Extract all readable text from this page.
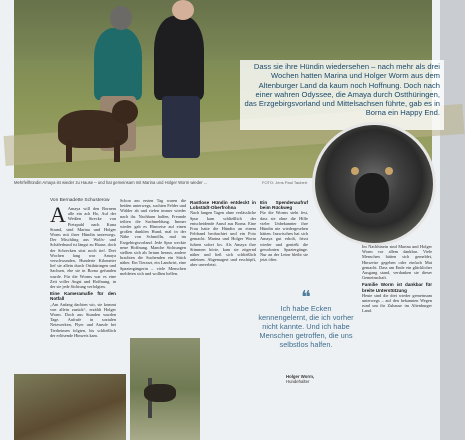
Dass sie ihre Hündin wiedersehen – nach mehr als drei Wochen hatten Marina und Holger Worm aus dem Altenburger Land da kaum noch Hoffnung. Doch nach einer wahren Odyssee, die Amaya durch Ostthüringen, das Erzgebirgsvorland und Mittelsachsen führte, gab es in Borna ein Happy End.
Mehrfellhündin Amaya ist wieder zu Hause – und hat gemeinsam mit Marina und Holger Worm wieder ...	FOTO: Jens Paul Taubert
Von Bernadette Schusterow
A Amaya will den Bornem alle ein ach Ho, Auf der Weißen Strecke von Pietzpuhl nach Kuna Strand, sind Marina und Holger Worm mit ihrer Hündin unterwegs. Der Mischling aus Wolfs- und Schäferhund ist längst zu Hause, doch der Schrecken sitzt noch tief. Drei Wochen lang war Amaya verschwunden, Hunderte Kilometer lief sie allein durch Ostthüringen und Sachsen, ehe sie in Borna gefunden wurde. Für die Worms war es eine Zeit voller Angst und Hoffnung, in der sie jede Sichtung verfolgten.
Eine Kameramafie für den Notfall
„Am Anfang dachten wir, sie kommt von allein zurück“, erzählt Holger Worm. Doch aus Stunden wurden Tage. Aufrufe in sozialen Netzwerken, Flyer und Anrufe bei Tierheimen folgten, bis schließlich der erlösende Hinweis kam.
Schon am ersten Tag waren die beiden unterwegs, suchten Felder und Wälder ab und riefen immer wieder nach ihr. Nachbarn halfen, Freunde teilten die Suchmeldung. Immer wieder gab es Hinweise auf einen großen dunklen Hund, mal in der Nähe von Schmölln, mal im Erzgebirgsvorland. Jede Spur weckte neue Hoffnung. Manche Sichtungen stellten sich als Irrtum heraus, andere brachten die Suchenden ein Stück näher. Ein Tierarzt, ein Landwirt, eine Spaziergängerin – viele Menschen meldeten sich und wollten helfen.
Rastlose Hündin entdeckt in Lobstädt-Oberfrohna
Nach langen Tagen ohne verlässliche Spur kam schließlich der entscheidende Anruf aus Borna. Eine Frau hatte die Hündin an einem Feldrand beobachtet und ein Foto gemacht. Marina und Holger Worm fuhren sofort los. Als Amaya ihre Stimmen hörte, kam sie zögernd näher und ließ sich schließlich anleinen. Abgemagert und erschöpft, aber unverletzt.
Ein Spendenaufruf beim Rückweg
Für die Worms steht fest, dass sie ohne die Hilfe vieler Unbekannter ihre Hündin nie wiedergesehen hätten. Inzwischen hat sich Amaya gut erholt, frisst wieder und genießt die gewohnten Spaziergänge. Nur an der Leine bleibt sie jetzt öfter.
Im Nachhinein sind Marina und Holger Worm vor allem dankbar. Viele Menschen hätten sich gemeldet, Hinweise gegeben oder einfach Mut gemacht. Dass am Ende ein glücklicher Ausgang stand, verdanken sie dieser Gemeinschaft.
Familie Worm ist dankbar für breite Unterstützung
Heute sind die drei wieder gemeinsam unterwegs – auf den bekannten Wegen rund um ihr Zuhause im Altenburger Land.
❝
Ich habe Ecken kennengelernt, die ich vorher nicht kannte. Und ich habe Menschen getroffen, die uns selbstlos halfen.
Holger Worm,
Hundehalter
